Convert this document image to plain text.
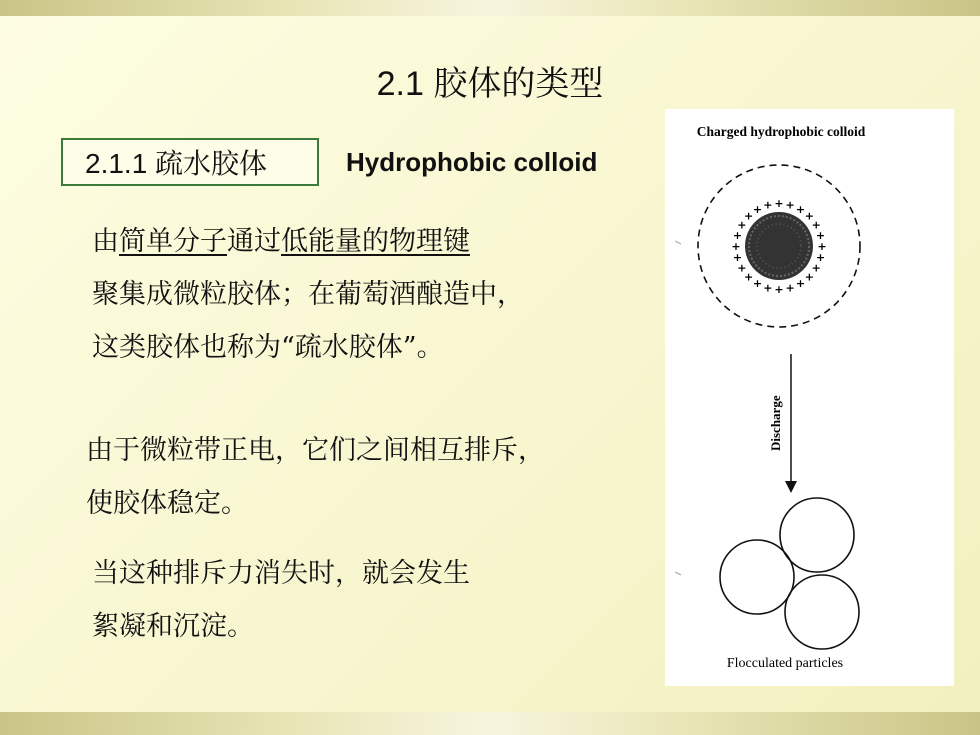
2.1 胶体的类型
2.1.1 疏水胶体	Hydrophobic colloid
由简单分子通过低能量的物理键
聚集成微粒胶体；在葡萄酒酿造中，
这类胶体也称为“疏水胶体”。
由于微粒带正电，它们之间相互排斥，
使胶体稳定。
当这种排斥力消失时，就会发生
絮凝和沉淀。
Charged hydrophobic colloid
+
+
+
+
+
+
+
+
+
+
+
+
+
+
+
+
+ + + + +
+
+
+
Discharge
Flocculated particles
